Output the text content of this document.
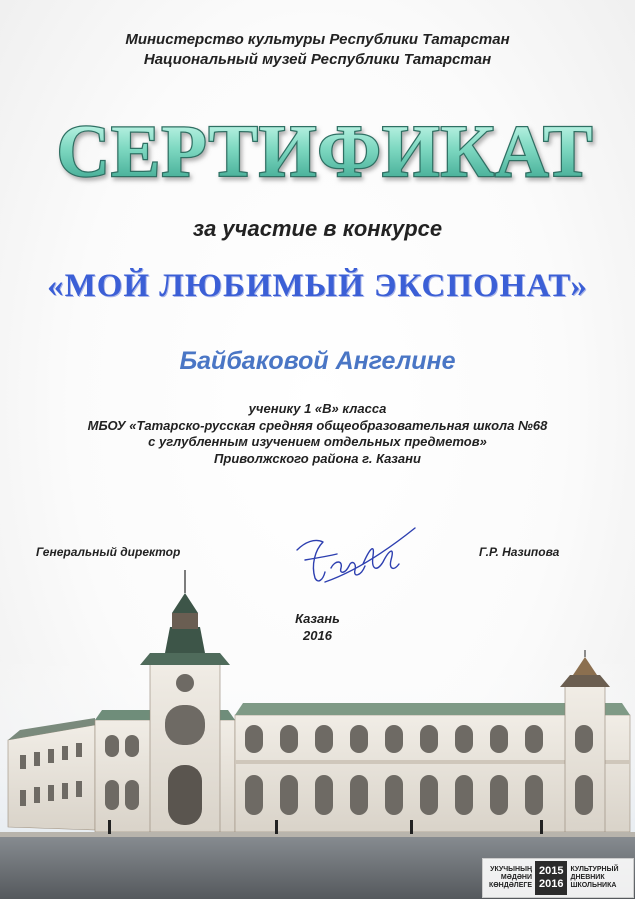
Министерство культуры Республики Татарстан
Национальный музей Республики Татарстан
СЕРТИФИКАТ
за участие в конкурсе
«МОЙ ЛЮБИМЫЙ ЭКСПОНАТ»
Байбаковой Ангелине
ученику 1 «В» класса
МБОУ «Татарско-русская средняя общеобразовательная школа №68
с углубленным изучением отдельных предметов»
Приволжского района г. Казани
Генеральный директор	Г.Р. Назипова
Казань
2016
УКУЧЫНЫҢ
МӘДӘНИ
КӨНДӘЛЕГЕ
2015
2016
КУЛЬТУРНЫЙ
ДНЕВНИК
ШКОЛЬНИКА
